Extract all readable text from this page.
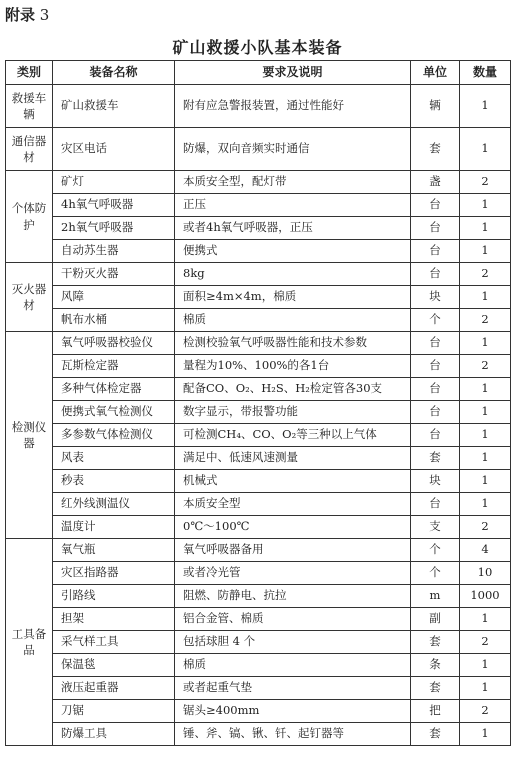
附录 3
矿山救援小队基本装备
类别	装备名称	要求及说明	单位	数量
救援车辆	矿山救援车	附有应急警报装置，通过性能好	辆	1
通信器材	灾区电话	防爆，双向音频实时通信	套	1
个体防护	矿灯	本质安全型，配灯带	盏	2
	4h氧气呼吸器	正压	台	1
	2h氧气呼吸器	或者4h氧气呼吸器，正压	台	1
	自动苏生器	便携式	台	1
灭火器材	干粉灭火器	8kg	台	2
	风障	面积≥4m×4m，棉质	块	1
	帆布水桶	棉质	个	2
检测仪器	氧气呼吸器校验仪	检测校验氧气呼吸器性能和技术参数	台	1
	瓦斯检定器	量程为10%、100%的各1台	台	2
	多种气体检定器	配备CO、O₂、H₂S、H₂检定管各30支	台	1
	便携式氧气检测仪	数字显示，带报警功能	台	1
	多参数气体检测仪	可检测CH₄、CO、O₂等三种以上气体	台	1
	风表	满足中、低速风速测量	套	1
	秒表	机械式	块	1
	红外线测温仪	本质安全型	台	1
	温度计	0℃～100℃	支	2
工具备品	氧气瓶	氧气呼吸器备用	个	4
	灾区指路器	或者冷光管	个	10
	引路线	阻燃、防静电、抗拉	m	1000
	担架	铝合金管、棉质	副	1
	采气样工具	包括球胆 4 个	套	2
	保温毯	棉质	条	1
	液压起重器	或者起重气垫	套	1
	刀锯	锯头≥400mm	把	2
	防爆工具	锤、斧、镐、锹、钎、起钉器等	套	1
